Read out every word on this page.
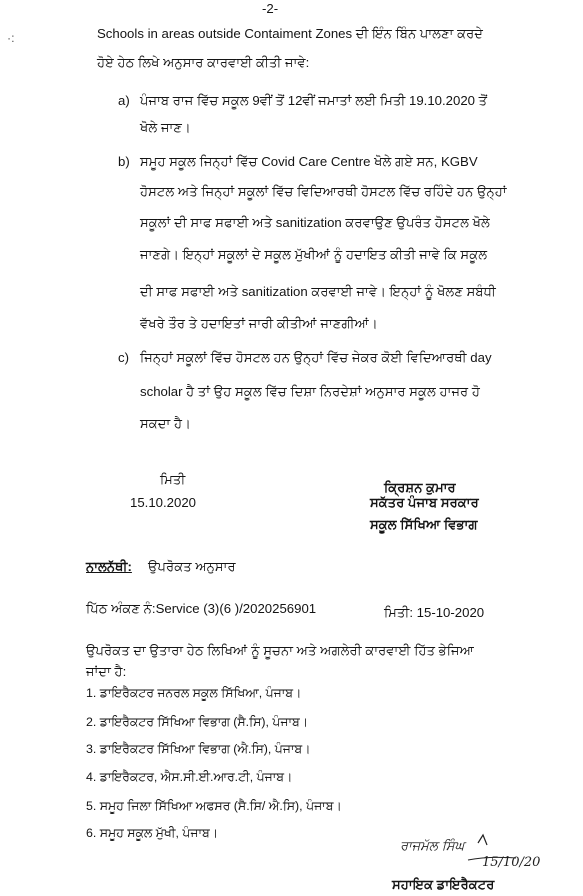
-2-
·:	Schools in areas outside Contaiment Zones ਦੀ ਇੰਨ ਬਿੰਨ ਪਾਲਣਾ ਕਰਦੇ
ਹੋਏ ਹੇਠ ਲਿਖੇ ਅਨੁਸਾਰ ਕਾਰਵਾਈ ਕੀਤੀ ਜਾਵੇ:
a) ਪੰਜਾਬ ਰਾਜ ਵਿੱਚ ਸਕੂਲ 9ਵੀਂ ਤੋਂ 12ਵੀਂ ਜਮਾਤਾਂ ਲਈ ਮਿਤੀ 19.10.2020 ਤੋਂ
ਖੋਲੇ ਜਾਣ।
b) ਸਮੂਹ ਸਕੂਲ ਜਿਨ੍ਹਾਂ ਵਿੱਚ Covid Care Centre ਖੋਲੇ ਗਏ ਸਨ, KGBV
ਹੋਸਟਲ ਅਤੇ ਜਿਨ੍ਹਾਂ ਸਕੂਲਾਂ ਵਿੱਚ ਵਿਦਿਆਰਥੀ ਹੋਸਟਲ ਵਿੱਚ ਰਹਿੰਦੇ ਹਨ ਉਨ੍ਹਾਂ
ਸਕੂਲਾਂ ਦੀ ਸਾਫ ਸਫਾਈ ਅਤੇ sanitization ਕਰਵਾਉਣ ਉਪਰੰਤ ਹੋਸਟਲ ਖੋਲੇ
ਜਾਣਗੇ। ਇਨ੍ਹਾਂ ਸਕੂਲਾਂ ਦੇ ਸਕੂਲ ਮੁੱਖੀਆਂ ਨੂੰ ਹਦਾਇਤ ਕੀਤੀ ਜਾਵੇ ਕਿ ਸਕੂਲ
ਦੀ ਸਾਫ ਸਫਾਈ ਅਤੇ sanitization ਕਰਵਾਈ ਜਾਵੇ। ਇਨ੍ਹਾਂ ਨੂੰ ਖੋਲਣ ਸਬੰਧੀ
ਵੱਖਰੇ ਤੌਰ ਤੇ ਹਦਾਇਤਾਂ ਜਾਰੀ ਕੀਤੀਆਂ ਜਾਣਗੀਆਂ।
c) ਜਿਨ੍ਹਾਂ ਸਕੂਲਾਂ ਵਿੱਚ ਹੋਸਟਲ ਹਨ ਉਨ੍ਹਾਂ ਵਿੱਚ ਜੇਕਰ ਕੋਈ ਵਿਦਿਆਰਥੀ day
scholar ਹੈ ਤਾਂ ਉਹ ਸਕੂਲ ਵਿੱਚ ਦਿਸ਼ਾ ਨਿਰਦੇਸ਼ਾਂ ਅਨੁਸਾਰ ਸਕੂਲ ਹਾਜਰ ਹੋ
ਸਕਦਾ ਹੈ।
ਮਿਤੀ
15.10.2020
ਕ੍ਰਿਸ਼ਨ ਕੁਮਾਰ
ਸਕੱਤਰ ਪੰਜਾਬ ਸਰਕਾਰ
ਸਕੂਲ ਸਿੱਖਿਆ ਵਿਭਾਗ
ਨਾਲਨੱਥੀ: ਉਪਰੋਕਤ ਅਨੁਸਾਰ
ਪਿੱਠ ਅੰਕਣ ਨੰ:Service (3)(6 )/2020256901	ਮਿਤੀ: 15-10-2020
ਉਪਰੋਕਤ ਦਾ ਉਤਾਰਾ ਹੇਠ ਲਿਖਿਆਂ ਨੂੰ ਸੂਚਨਾ ਅਤੇ ਅਗਲੇਰੀ ਕਾਰਵਾਈ ਹਿੱਤ ਭੇਜਿਆ
ਜਾਂਦਾ ਹੈ:
1. ਡਾਇਰੈਕਟਰ ਜਨਰਲ ਸਕੂਲ ਸਿੱਖਿਆ, ਪੰਜਾਬ।
2. ਡਾਇਰੈਕਟਰ ਸਿੱਖਿਆ ਵਿਭਾਗ (ਸੈ.ਸਿ), ਪੰਜਾਬ।
3. ਡਾਇਰੈਕਟਰ ਸਿੱਖਿਆ ਵਿਭਾਗ (ਐ.ਸਿ), ਪੰਜਾਬ।
4. ਡਾਇਰੈਕਟਰ, ਐਸ.ਸੀ.ਈ.ਆਰ.ਟੀ, ਪੰਜਾਬ।
5. ਸਮੂਹ ਜਿਲਾ ਸਿੱਖਿਆ ਅਫਸਰ (ਸੈ.ਸਿ/ ਐ.ਸਿ), ਪੰਜਾਬ।
6. ਸਮੂਹ ਸਕੂਲ ਮੁੱਖੀ, ਪੰਜਾਬ।
ਰਾਜਮੱਲ ਸਿੰਘ
15/10/20
ਸਹਾਇਕ ਡਾਇਰੈਕਟਰ
